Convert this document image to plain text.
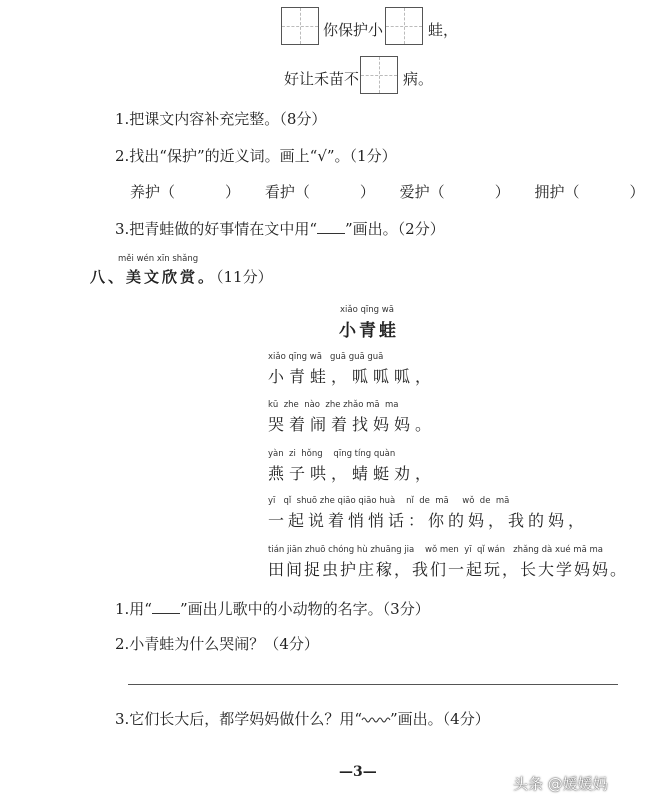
你保护小	蛙，
好让禾苗不	病。
1.把课文内容补充完整。（8分）
2.找出“保护”的近义词。画上“√”。（1分）
养护（	） 看护（	） 爱护（	） 拥护（	）
3.把青蛙做的好事情在文中用“ ”画出。（2分）
měi wén xīn shǎng
八、美文欣赏。（11分）
xiǎo qīng wā
小青蛙
xiǎo qīng wā   guā guā guā
小青蛙，呱呱呱，
kū  zhe  nào  zhe zhǎo mā  ma
哭着闹着找妈妈。
yàn  zi  hǒng    qīng tíng quàn
燕子哄，蜻蜓劝，
yī   qǐ  shuō zhe qiāo qiāo huà    nǐ  de  mā     wǒ  de  mā
一起说着悄悄话：你的妈，我的妈，
tián jiān zhuō chóng hù zhuāng jia    wǒ men  yī  qǐ wán   zhǎng dà xué mā ma
田间捉虫护庄稼，我们一起玩，长大学妈妈。
1.用“ ”画出儿歌中的小动物的名字。（3分）
2.小青蛙为什么哭闹？（4分）
3.它们长大后，都学妈妈做什么？用“ ”画出。（4分）
—3—
头条 @媛媛妈
